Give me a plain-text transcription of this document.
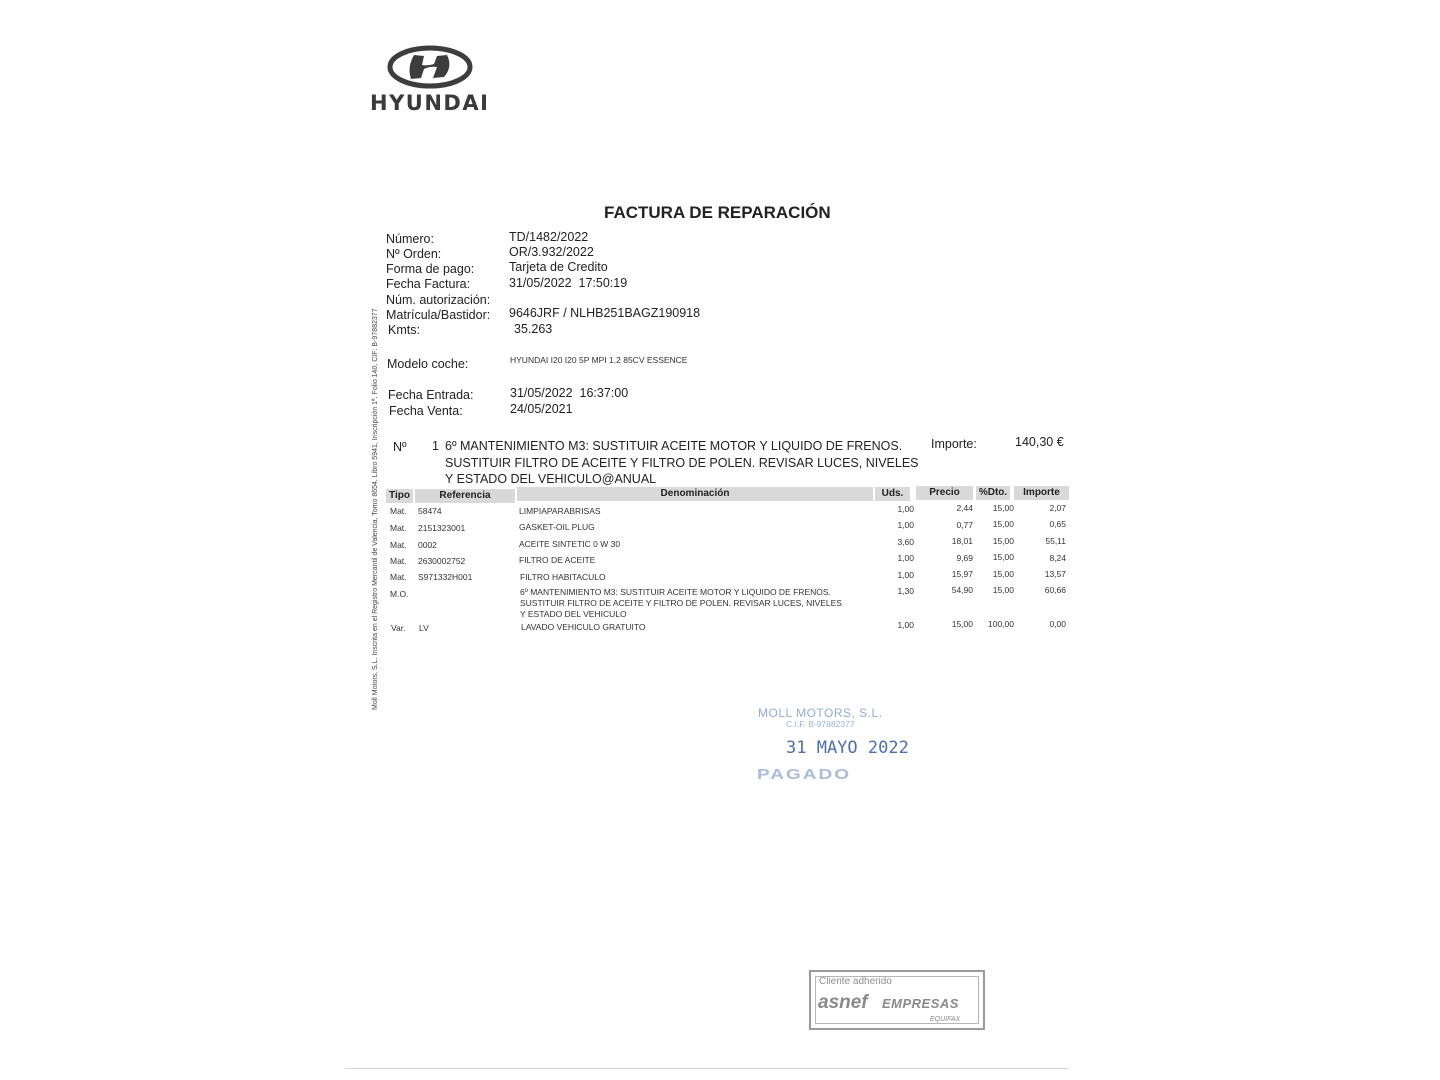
HYUNDAI
FACTURA DE REPARACIÓN
Número:	TD/1482/2022
Nº Orden:	OR/3.932/2022
Forma de pago:	Tarjeta de Credito
Fecha Factura:	31/05/2022  17:50:19
Núm. autorización:
Matrícula/Bastidor: 9646JRF / NLHB251BAGZ190918
Kmts:	35.263
Modelo coche:	HYUNDAI I20 I20 5P MPI 1.2 85CV ESSENCE
Fecha Entrada:	31/05/2022  16:37:00
Fecha Venta:	24/05/2021
Nº 1 6º MANTENIMIENTO M3: SUSTITUIR ACEITE MOTOR Y LIQUIDO DE FRENOS.
SUSTITUIR FILTRO DE ACEITE Y FILTRO DE POLEN. REVISAR LUCES, NIVELES
Y ESTADO DEL VEHICULO@ANUAL
Importe:	140,30 €
Tipo	Referencia	Denominación	Uds.	Precio	%Dto.	Importe
Mat. 58474	LIMPIAPARABRISAS	1,00	2,44	15,00	2,07
Mat. 2151323001	GASKET-OIL PLUG	1,00	0,77	15,00	0,65
Mat. 0002	ACEITE SINTETIC 0 W 30	3,60	18,01	15,00	55,11
Mat. 2630002752	FILTRO DE ACEITE	1,00	9,69	15,00	8,24
Mat. S971332H001	FILTRO HABITACULO	1,00	15,97	15,00	13,57
M.O.	6º MANTENIMIENTO M3: SUSTITUIR ACEITE MOTOR Y LIQUIDO DE FRENOS.
SUSTITUIR FILTRO DE ACEITE Y FILTRO DE POLEN. REVISAR LUCES, NIVELES
Y ESTADO DEL VEHICULO
1,30	54,90	15,00	60,66
Var. LV	LAVADO VEHICULO GRATUITO	1,00	15,00	100,00	0,00
Moll Motors, S.L. Inscrita en el Registro Mercantil de Valencia, Tomo 8654, Libro 5941, Inscripción 1ª, Folio 140, CIF: B-97882377
MOLL MOTORS, S.L.
C.I.F. B-97882377
31 MAYO 2022
PAGADO
Cliente adherido
asnef EMPRESAS
EQUIFAX
